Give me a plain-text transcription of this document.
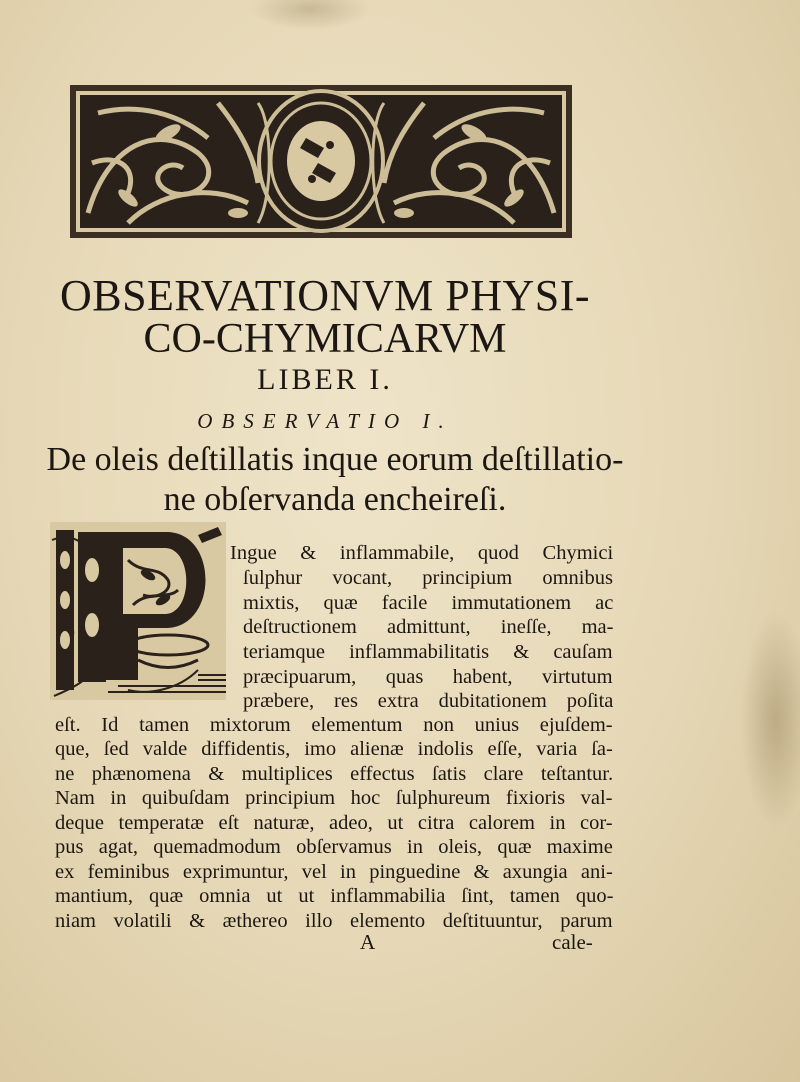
OBSERVATIONVM PHYSI-
CO-CHYMICARVM
LIBER I.
OBSERVATIO I.
De oleis deſtillatis inque eorum deſtillatio-
ne obſervanda encheireſi.
Ingue & inflammabile, quod Chymici
ſulphur vocant, principium omnibus
mixtis, quæ facile immutationem ac
deſtructionem admittunt, ineſſe, ma-
teriamque inflammabilitatis & cauſam
præcipuarum, quas habent, virtutum
præbere, res extra dubitationem poſita
eſt. Id tamen mixtorum elementum non unius ejuſdem-
que, ſed valde diffidentis, imo alienæ indolis eſſe, varia ſa-
ne phænomena & multiplices effectus ſatis clare teſtantur.
Nam in quibuſdam principium hoc ſulphureum fixioris val-
deque temperatæ eſt naturæ, adeo, ut citra calorem in cor-
pus agat, quemadmodum obſervamus in oleis, quæ maxime
ex feminibus exprimuntur, vel in pinguedine & axungia ani-
mantium, quæ omnia ut ut inflammabilia ſint, tamen quo-
niam volatili & æthereo illo elemento deſtituuntur, parum
A	cale-
